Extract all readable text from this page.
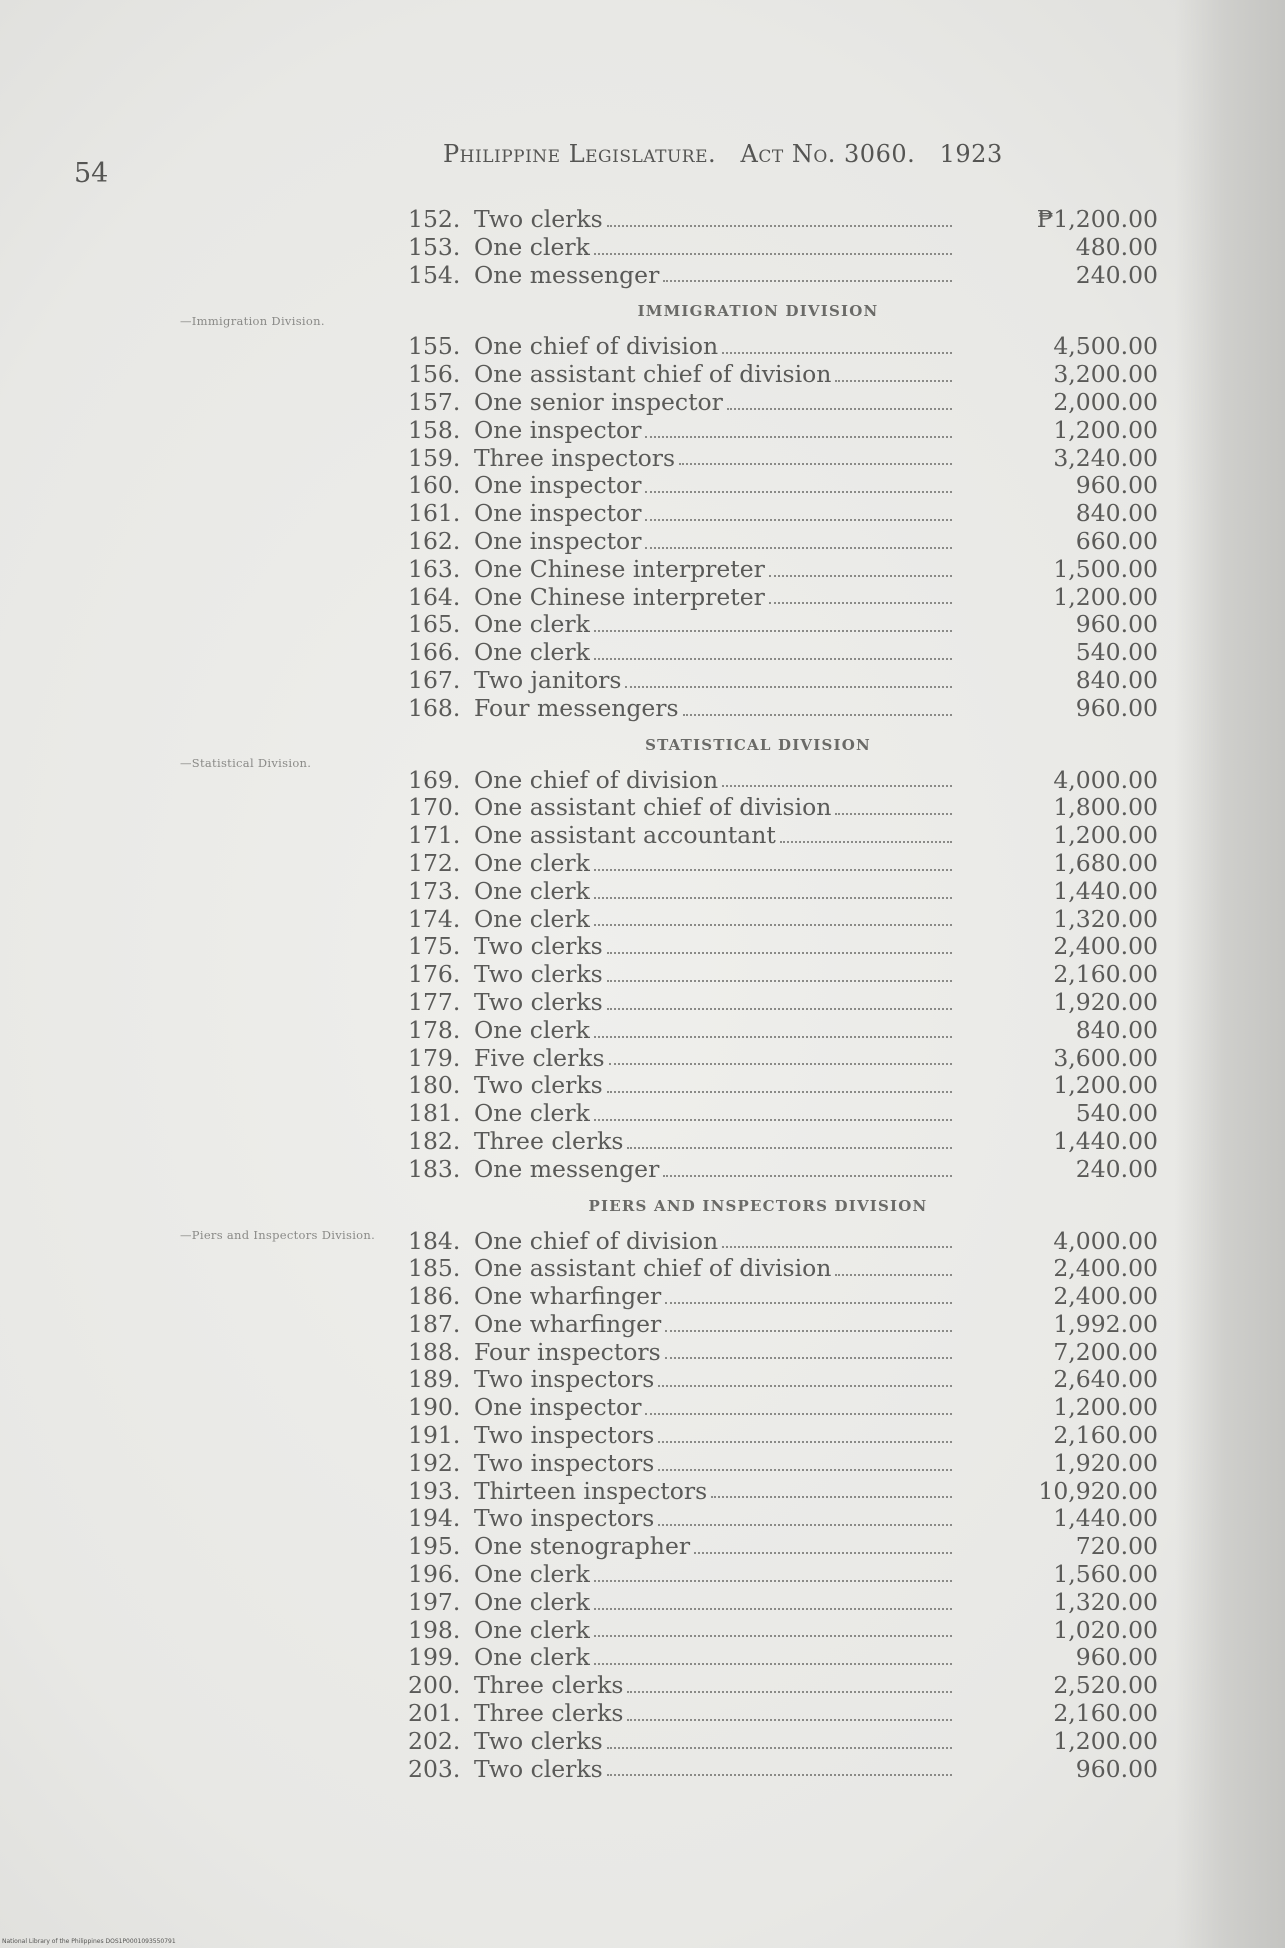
54
Philippine Legislature. Act No. 3060. 1923
—Immigration Division.
—Statistical Division.
—Piers and Inspectors Division.
152. Two clerks	₱1,200.00
153. One clerk	480.00
154. One messenger	240.00
IMMIGRATION DIVISION
155. One chief of division	4,500.00
156. One assistant chief of division	3,200.00
157. One senior inspector	2,000.00
158. One inspector	1,200.00
159. Three inspectors	3,240.00
160. One inspector	960.00
161. One inspector	840.00
162. One inspector	660.00
163. One Chinese interpreter	1,500.00
164. One Chinese interpreter	1,200.00
165. One clerk	960.00
166. One clerk	540.00
167. Two janitors	840.00
168. Four messengers	960.00
STATISTICAL DIVISION
169. One chief of division	4,000.00
170. One assistant chief of division	1,800.00
171. One assistant accountant	1,200.00
172. One clerk	1,680.00
173. One clerk	1,440.00
174. One clerk	1,320.00
175. Two clerks	2,400.00
176. Two clerks	2,160.00
177. Two clerks	1,920.00
178. One clerk	840.00
179. Five clerks	3,600.00
180. Two clerks	1,200.00
181. One clerk	540.00
182. Three clerks	1,440.00
183. One messenger	240.00
PIERS AND INSPECTORS DIVISION
184. One chief of division	4,000.00
185. One assistant chief of division	2,400.00
186. One wharfinger	2,400.00
187. One wharfinger	1,992.00
188. Four inspectors	7,200.00
189. Two inspectors	2,640.00
190. One inspector	1,200.00
191. Two inspectors	2,160.00
192. Two inspectors	1,920.00
193. Thirteen inspectors	10,920.00
194. Two inspectors	1,440.00
195. One stenographer	720.00
196. One clerk	1,560.00
197. One clerk	1,320.00
198. One clerk	1,020.00
199. One clerk	960.00
200. Three clerks	2,520.00
201. Three clerks	2,160.00
202. Two clerks	1,200.00
203. Two clerks	960.00
National Library of the Philippines DOS1P0001093550791
